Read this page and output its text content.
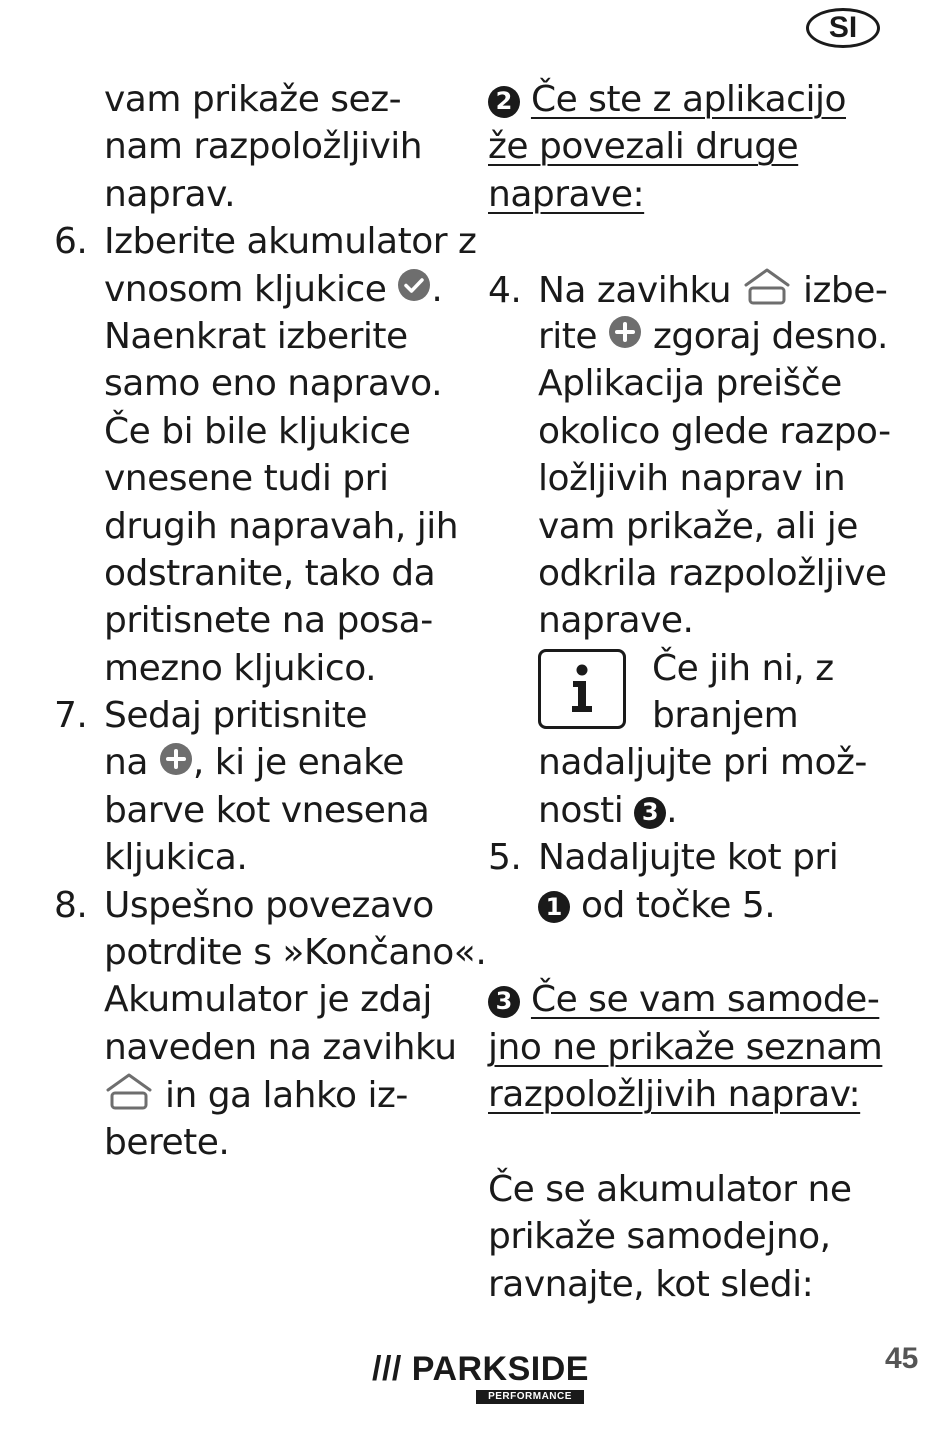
SI
vam prikaže sez-
nam razpoložljivih
naprav.
6. Izberite akumulator z
vnosom kljukice .
Naenkrat izberite
samo eno napravo.
Če bi bile kljukice
vnesene tudi pri
drugih napravah, jih
odstranite, tako da
pritisnete na posa-
mezno kljukico.
7. Sedaj pritisnite
na , ki je enake
barve kot vnesena
kljukica.
8. Uspešno povezavo
potrdite s »Končano«.
Akumulator je zdaj
naveden na zavihku
in ga lahko iz-
berete.
2 Če ste z aplikacijo
že povezali druge
naprave:
4. Na zavihku  izbe-
rite  zgoraj desno.
Aplikacija preišče
okolico glede razpo-
ložljivih naprav in
vam prikaže, ali je
odkrila razpoložljive
naprave.
Če jih ni, z
branjem
nadaljujte pri mož-
nosti 3 .
5. Nadaljujte kot pri
1 od točke 5.
3 Če se vam samode-
jno ne prikaže seznam
razpoložljivih naprav:
Če se akumulator ne
prikaže samodejno,
ravnajte, kot sledi:
/// PARKSIDE
PERFORMANCE
45
